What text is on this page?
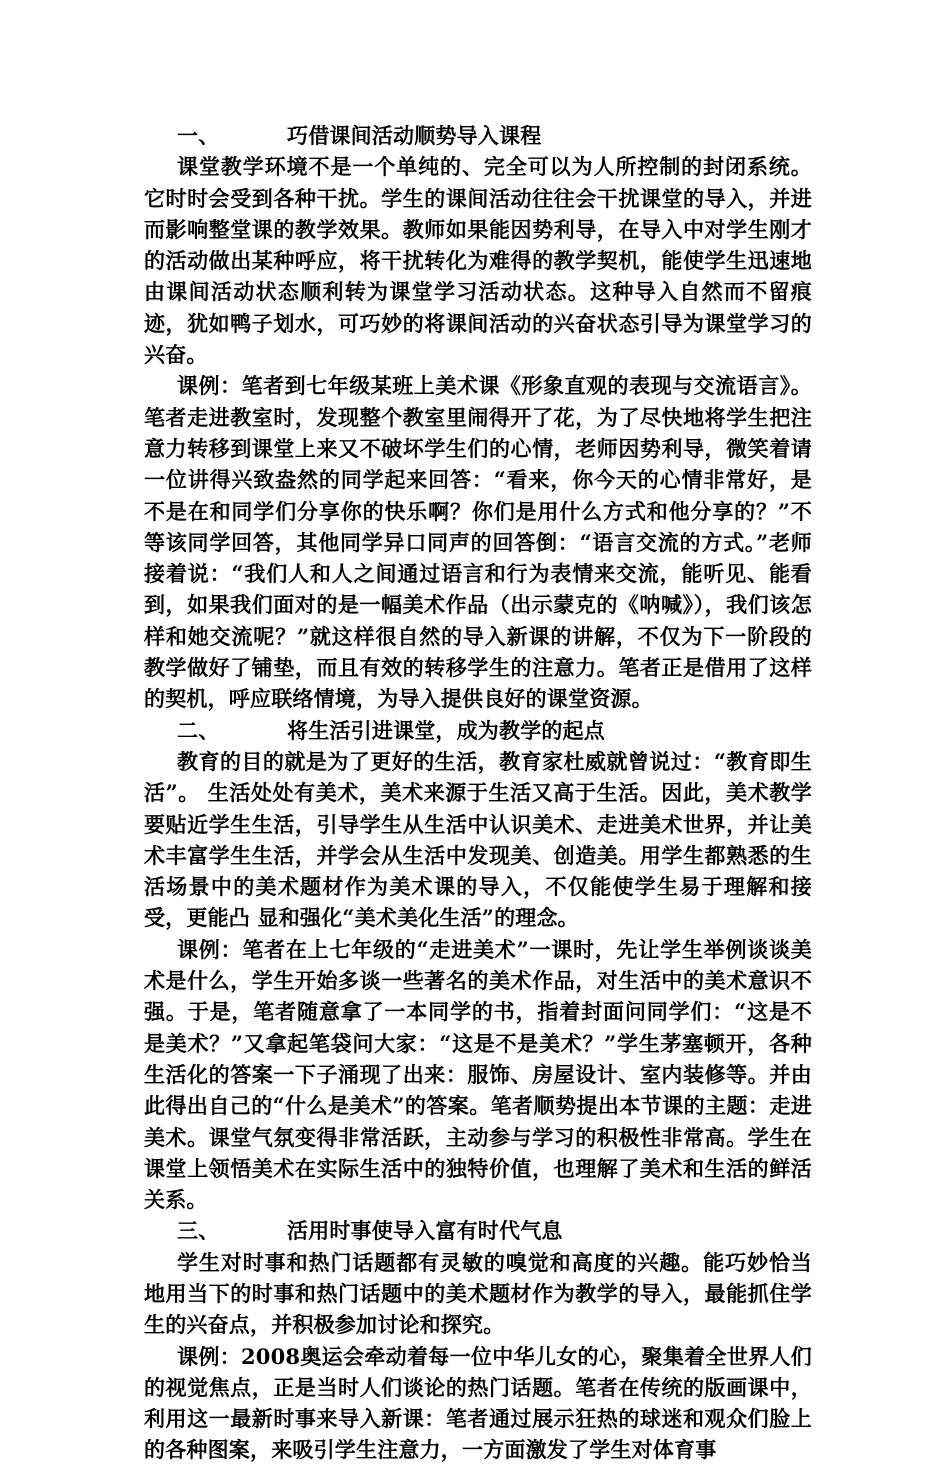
一、	巧借课间活动顺势导入课程

课堂教学环境不是一个单纯的、完全可以为人所控制的封闭系统。它时时会受到各种干扰。学生的课间活动往往会干扰课堂的导入，并进而影响整堂课的教学效果。教师如果能因势利导，在导入中对学生刚才的活动做出某种呼应，将干扰转化为难得的教学契机，能使学生迅速地由课间活动状态顺利转为课堂学习活动状态。这种导入自然而不留痕迹，犹如鸭子划水，可巧妙的将课间活动的兴奋状态引导为课堂学习的兴奋。

课例：笔者到七年级某班上美术课《形象直观的表现与交流语言》。 笔者走进教室时，发现整个教室里闹得开了花，为了尽快地将学生把注意力转移到课堂上来又不破坏学生们的心情，老师因势利导，微笑着请一位讲得兴致盎然的同学起来回答：“看来，你今天的心情非常好，是不是在和同学们分享你的快乐啊？你们是用什么方式和他分享的？”不等该同学回答，其他同学异口同声的回答倒：“语言交流的方式。”老师接着说：“我们人和人之间通过语言和行为表情来交流，能听见、能看到，如果我们面对的是一幅美术作品（出示蒙克的《呐喊》），我们该怎样和她交流呢？”就这样很自然的导入新课的讲解，不仅为下一阶段的教学做好了铺垫，而且有效的转移学生的注意力。笔者正是借用了这样的契机，呼应联络情境，为导入提供良好的课堂资源。

二、	将生活引进课堂，成为教学的起点

教育的目的就是为了更好的生活，教育家杜威就曾说过：“教育即生活”。 生活处处有美术，美术来源于生活又高于生活。因此，美术教学要贴近学生生活，引导学生从生活中认识美术、走进美术世界，并让美术丰富学生生活，并学会从生活中发现美、创造美。用学生都熟悉的生活场景中的美术题材作为美术课的导入，不仅能使学生易于理解和接受，更能凸 显和强化“美术美化生活”的理念。

课例：笔者在上七年级的“走进美术”一课时，先让学生举例谈谈美术是什么，学生开始多谈一些著名的美术作品，对生活中的美术意识不强。于是，笔者随意拿了一本同学的书，指着封面问同学们：“这是不是美术？”又拿起笔袋问大家：“这是不是美术？”学生茅塞顿开，各种生活化的答案一下子涌现了出来：服饰、房屋设计、室内装修等。并由此得出自己的“什么是美术”的答案。笔者顺势提出本节课的主题：走进美术。课堂气氛变得非常活跃，主动参与学习的积极性非常高。学生在课堂上领悟美术在实际生活中的独特价值，也理解了美术和生活的鲜活关系。

三、	活用时事使导入富有时代气息

学生对时事和热门话题都有灵敏的嗅觉和高度的兴趣。能巧妙恰当地用当下的时事和热门话题中的美术题材作为教学的导入，最能抓住学生的兴奋点，并积极参加讨论和探究。

课例：2008奥运会牵动着每一位中华儿女的心，聚集着全世界人们的视觉焦点，正是当时人们谈论的热门话题。笔者在传统的版画课中，利用这一最新时事来导入新课：笔者通过展示狂热的球迷和观众们脸上的各种图案，来吸引学生注意力，一方面激发了学生对体育事
